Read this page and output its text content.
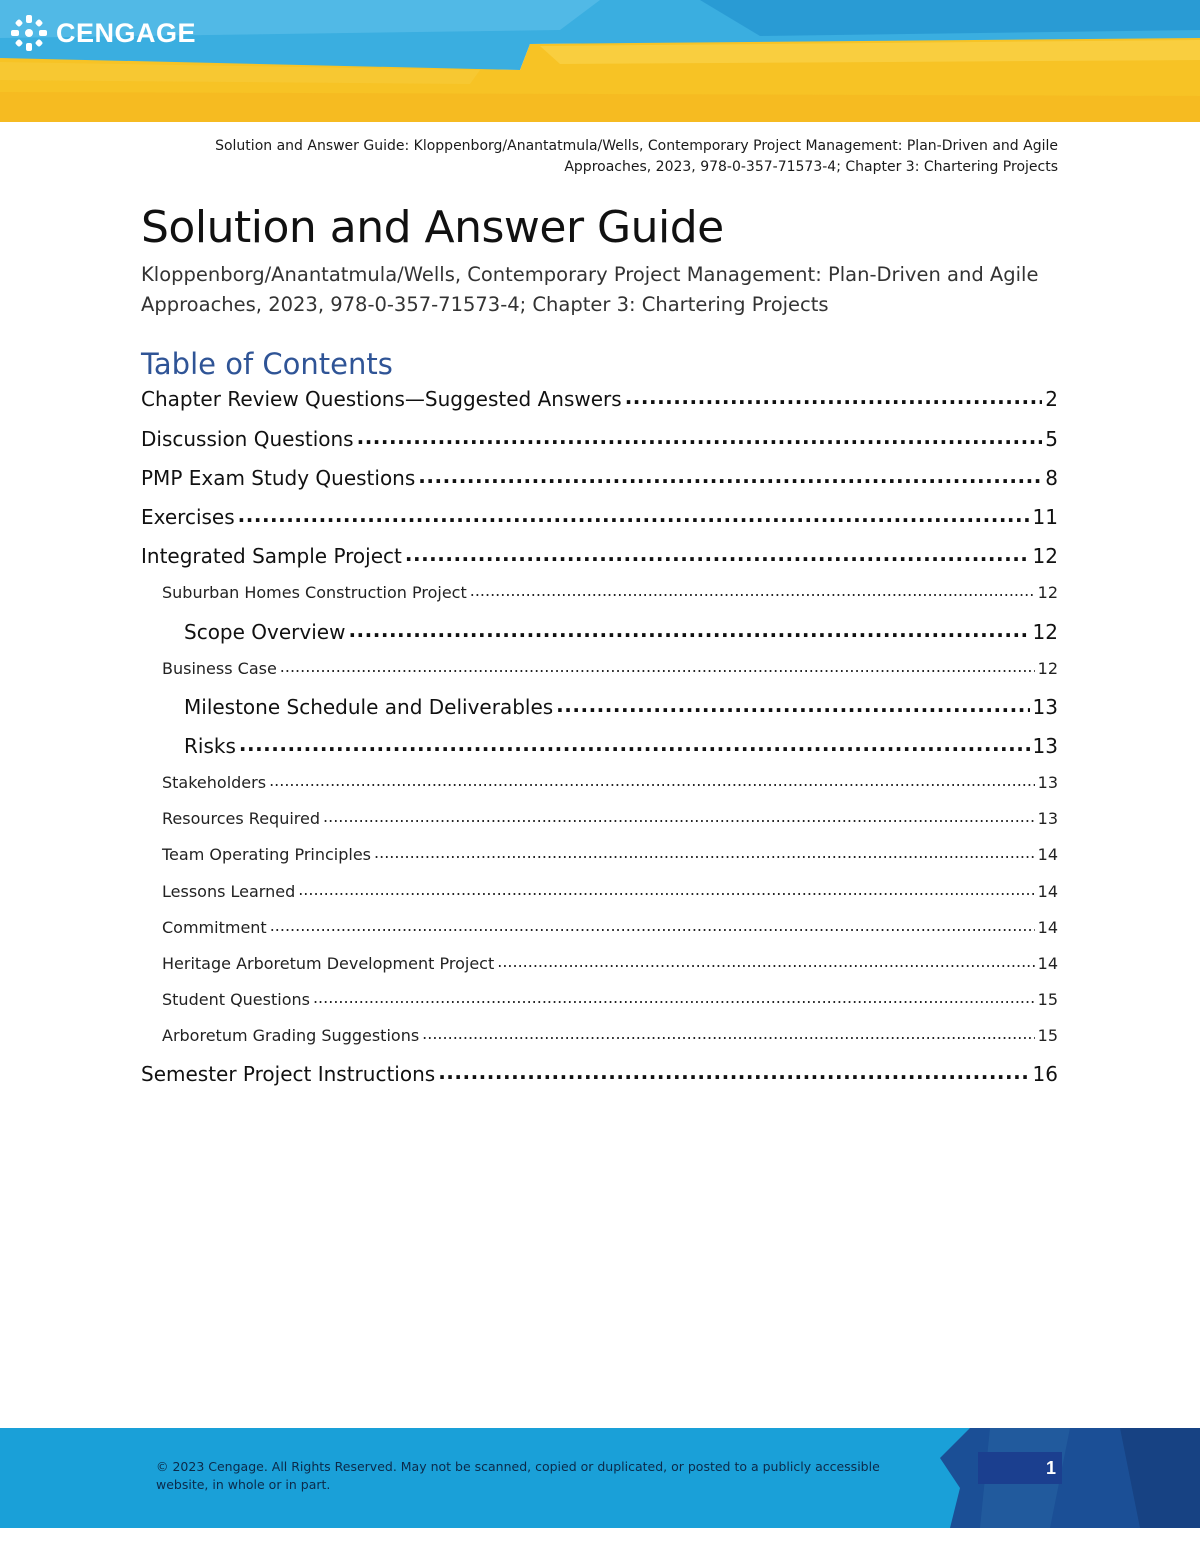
CENGAGE
Solution and Answer Guide: Kloppenborg/Anantatmula/Wells, Contemporary Project Management: Plan-Driven and Agile
Approaches, 2023, 978-0-357-71573-4; Chapter 3: Chartering Projects
Solution and Answer Guide
Kloppenborg/Anantatmula/Wells, Contemporary Project Management: Plan-Driven and Agile
Approaches, 2023, 978-0-357-71573-4; Chapter 3: Chartering Projects
Table of Contents
Chapter Review Questions—Suggested Answers .....	2
Discussion Questions .....	5
PMP Exam Study Questions .....	8
Exercises .....	11
Integrated Sample Project .....	12
Suburban Homes Construction Project .....	12
Scope Overview .....	12
Business Case .....	12
Milestone Schedule and Deliverables .....	13
Risks .....	13
Stakeholders .....	13
Resources Required .....	13
Team Operating Principles .....	14
Lessons Learned .....	14
Commitment .....	14
Heritage Arboretum Development Project .....	14
Student Questions .....	15
Arboretum Grading Suggestions .....	15
Semester Project Instructions .....	16
© 2023 Cengage. All Rights Reserved. May not be scanned, copied or duplicated, or posted to a publicly accessible
website, in whole or in part.
1
